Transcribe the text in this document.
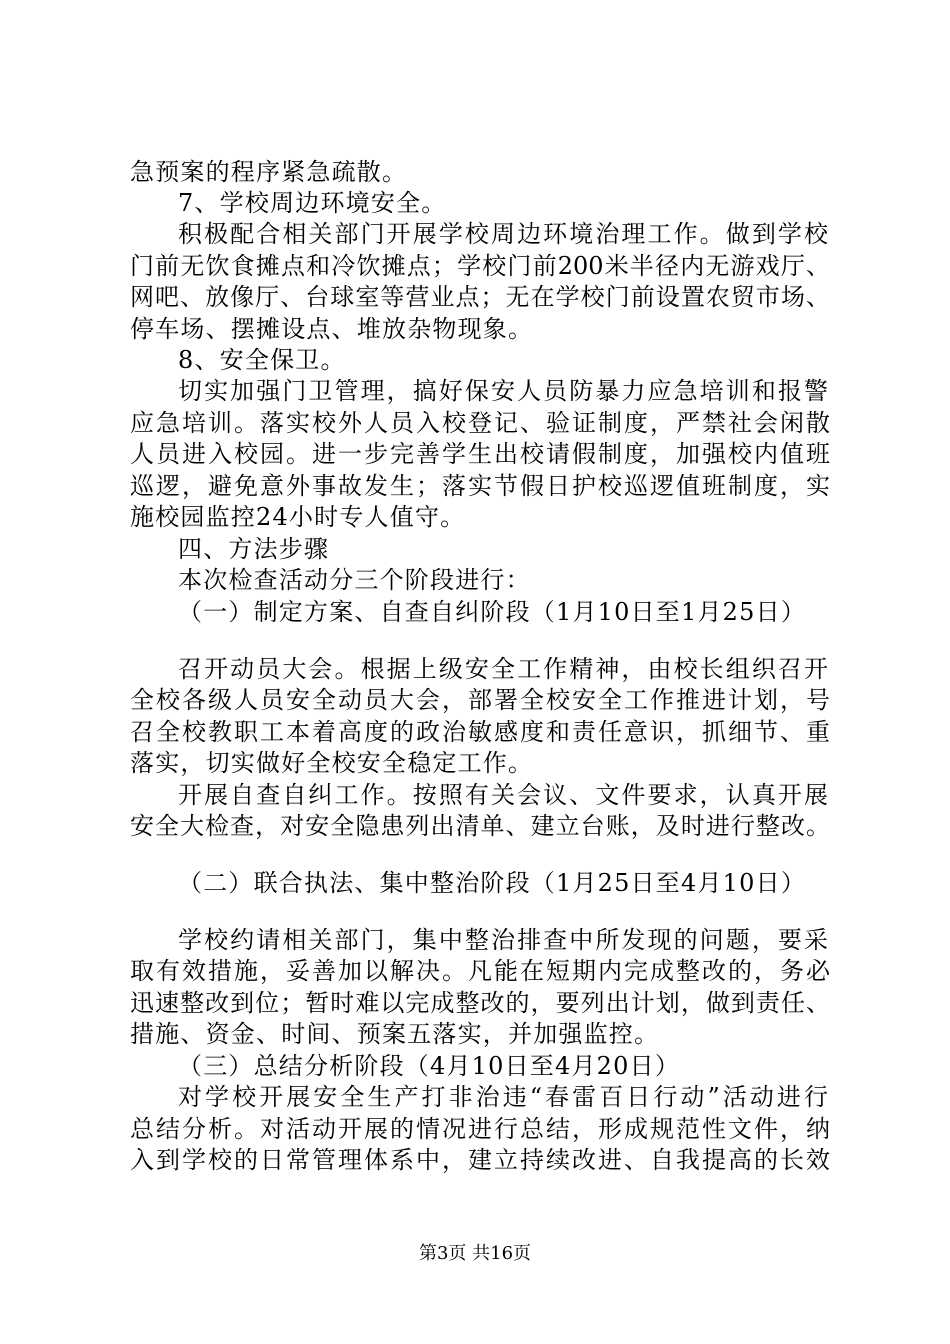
急预案的程序紧急疏散。
7、学校周边环境安全。
积极配合相关部门开展学校周边环境治理工作。做到学校
门前无饮食摊点和冷饮摊点；学校门前200米半径内无游戏厅、
网吧、放像厅、台球室等营业点；无在学校门前设置农贸市场、
停车场、摆摊设点、堆放杂物现象。
8、安全保卫。
切实加强门卫管理，搞好保安人员防暴力应急培训和报警
应急培训。落实校外人员入校登记、验证制度，严禁社会闲散
人员进入校园。进一步完善学生出校请假制度，加强校内值班
巡逻，避免意外事故发生；落实节假日护校巡逻值班制度，实
施校园监控24小时专人值守。
四、方法步骤
本次检查活动分三个阶段进行：
（一）制定方案、自查自纠阶段（1月10日至1月25日）
召开动员大会。根据上级安全工作精神，由校长组织召开
全校各级人员安全动员大会，部署全校安全工作推进计划，号
召全校教职工本着高度的政治敏感度和责任意识，抓细节、重
落实，切实做好全校安全稳定工作。
开展自查自纠工作。按照有关会议、文件要求，认真开展
安全大检查，对安全隐患列出清单、建立台账，及时进行整改。
（二）联合执法、集中整治阶段（1月25日至4月10日）
学校约请相关部门，集中整治排查中所发现的问题，要采
取有效措施，妥善加以解决。凡能在短期内完成整改的，务必
迅速整改到位；暂时难以完成整改的，要列出计划，做到责任、
措施、资金、时间、预案五落实，并加强监控。
（三）总结分析阶段（4月10日至4月20日）
对学校开展安全生产打非治违“春雷百日行动”活动进行
总结分析。对活动开展的情况进行总结，形成规范性文件，纳
入到学校的日常管理体系中，建立持续改进、自我提高的长效
第3页 共16页
